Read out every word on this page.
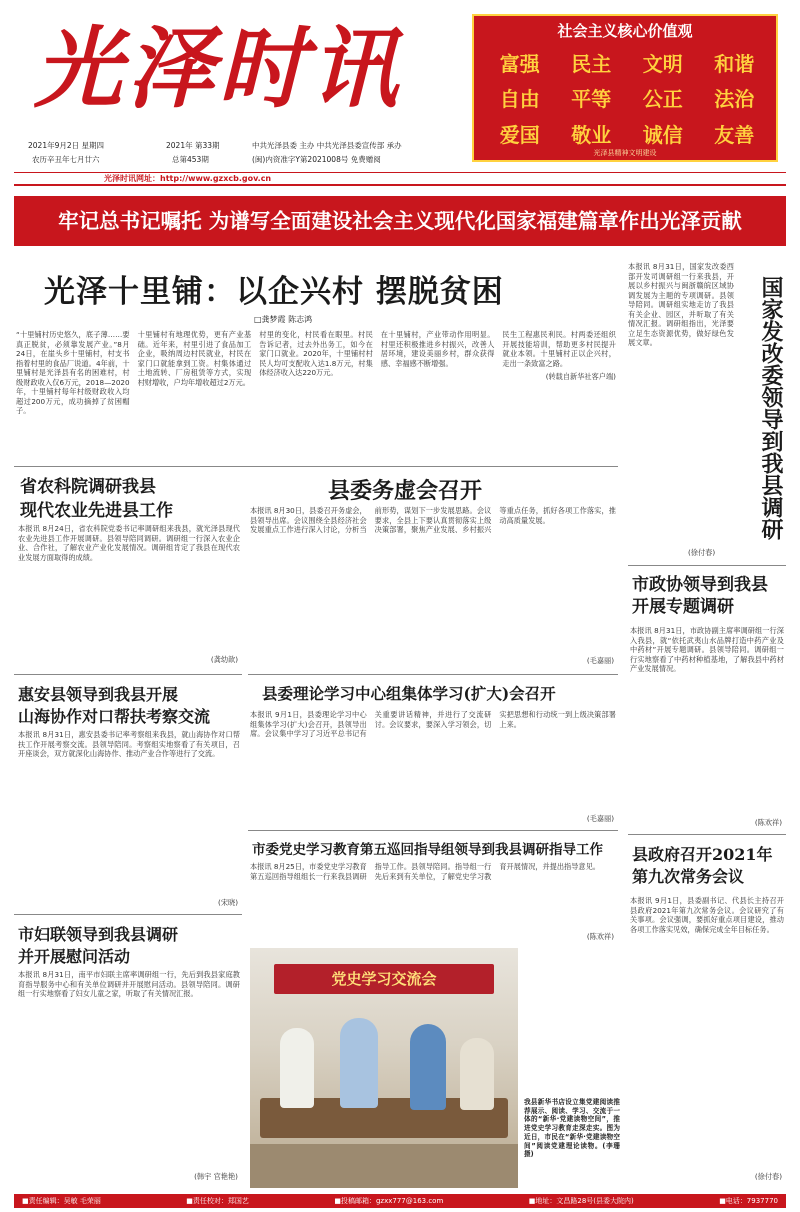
光泽时讯
2021年9月2日 星期四
农历辛丑年七月廿六
2021年 第33期
总第453期
中共光泽县委 主办 中共光泽县委宣传部 承办
(闽)内资准字Y第2021008号 免费赠阅
光泽时讯网址：http://www.gzxcb.gov.cn
社会主义核心价值观
富强	民主	文明	和谐
自由	平等	公正	法治
爱国	敬业	诚信	友善
光泽县精神文明建设
牢记总书记嘱托 为谱写全面建设社会主义现代化国家福建篇章作出光泽贡献
光泽十里铺：以企兴村 摆脱贫困
□龚梦霞 陈志鸿
“十里铺村历史悠久，底子薄……要真正脱贫，必须靠发展产业。”8月24日，在崖头乡十里铺村，村支书指着村里的食品厂说道。4年前，十里铺村是光泽县有名的困难村，村级财政收入仅6万元，2018—2020年，十里铺村每年村级财政收入均超过200万元，成功摘掉了贫困帽子。
十里铺村有地理优势，更有产业基础。近年来，村里引进了食品加工企业，吸纳周边村民就业，村民在家门口就能拿到工资。村集体通过土地流转、厂房租赁等方式，实现村财增收，户均年增收超过2万元。
村里的变化，村民看在眼里。村民告诉记者，过去外出务工，如今在家门口就业。2020年，十里铺村村民人均可支配收入达1.8万元，村集体经济收入达220万元。
在十里铺村，产业带动作用明显。村里还积极推进乡村振兴，改善人居环境，建设美丽乡村，群众获得感、幸福感不断增强。
民生工程惠民利民。村两委还组织开展技能培训，帮助更多村民提升就业本领。十里铺村正以企兴村，走出一条致富之路。
(转载自新华社客户端)
本报讯 8月31日，国家发改委西部开发司调研组一行来我县，开展以乡村振兴与闽浙赣皖区域协调发展为主题的专项调研。县领导陪同。调研组实地走访了我县有关企业、园区，并听取了有关情况汇报。调研组指出，光泽要立足生态资源优势，做好绿色发展文章。	国家发改委领导到我县调研
(徐付春)
省农科院调研我县
现代农业先进县工作
本报讯 8月24日，省农科院党委书记率调研组来我县，就光泽县现代农业先进县工作开展调研。县领导陪同调研。调研组一行深入农业企业、合作社，了解农业产业化发展情况。调研组肯定了我县在现代农业发展方面取得的成绩。
(龚幼歆)
县委务虚会召开
本报讯 8月30日，县委召开务虚会，县领导出席。会议围绕全县经济社会发展重点工作进行深入讨论，分析当前形势，谋划下一步发展思路。会议要求，全县上下要认真贯彻落实上级决策部署，聚焦产业发展、乡村振兴等重点任务，抓好各项工作落实，推动高质量发展。
(毛嘉丽)
市政协领导到我县开展专题调研
本报讯 8月31日，市政协副主席率调研组一行深入我县，就“依托武夷山水品牌打造中药产业及中药材”开展专题调研。县领导陪同。调研组一行实地察看了中药材种植基地，了解我县中药材产业发展情况。
(陈欢祥)
惠安县领导到我县开展
山海协作对口帮扶考察交流
本报讯 8月31日，惠安县委书记率考察组来我县，就山海协作对口帮扶工作开展考察交流。县领导陪同。考察组实地察看了有关项目，召开座谈会，双方就深化山海协作、推动产业合作等进行了交流。
(宋晓)
县委理论学习中心组集体学习(扩大)会召开
本报讯 9月1日，县委理论学习中心组集体学习(扩大)会召开，县领导出席。会议集中学习了习近平总书记有关重要讲话精神，并进行了交流研讨。会议要求，要深入学习领会，切实把思想和行动统一到上级决策部署上来。
(毛嘉丽)
市委党史学习教育第五巡回指导组领导到我县调研指导工作
本报讯 8月25日，市委党史学习教育第五巡回指导组组长一行来我县调研指导工作。县领导陪同。指导组一行先后来到有关单位，了解党史学习教育开展情况，并提出指导意见。
(陈欢祥)
县政府召开2021年第九次常务会议
本报讯 9月1日，县委副书记、代县长主持召开县政府2021年第九次常务会议。会议研究了有关事项。会议强调，要抓好重点项目建设，推动各项工作落实见效，确保完成全年目标任务。
(徐付春)
市妇联领导到我县调研
并开展慰问活动
本报讯 8月31日，南平市妇联主席率调研组一行，先后到我县家庭教育指导服务中心和有关单位调研并开展慰问活动。县领导陪同。调研组一行实地察看了妇女儿童之家，听取了有关情况汇报。
(韩宇 官艳艳)
党史学习交流会
我县新华书店设立集党建阅读推荐展示、阅读、学习、交流于一体的“新华·党建读物空间”，推进党史学习教育走深走实。图为近日，市民在“新华·党建读物空间”阅读党建理论读物。(李珊 摄)
■责任编辑：吴敏 毛荣丽	■责任校对：郑国艺	■投稿邮箱：gzxx777@163.com	■地址：文昌路28号(县委大院内)	■电话：7937770
